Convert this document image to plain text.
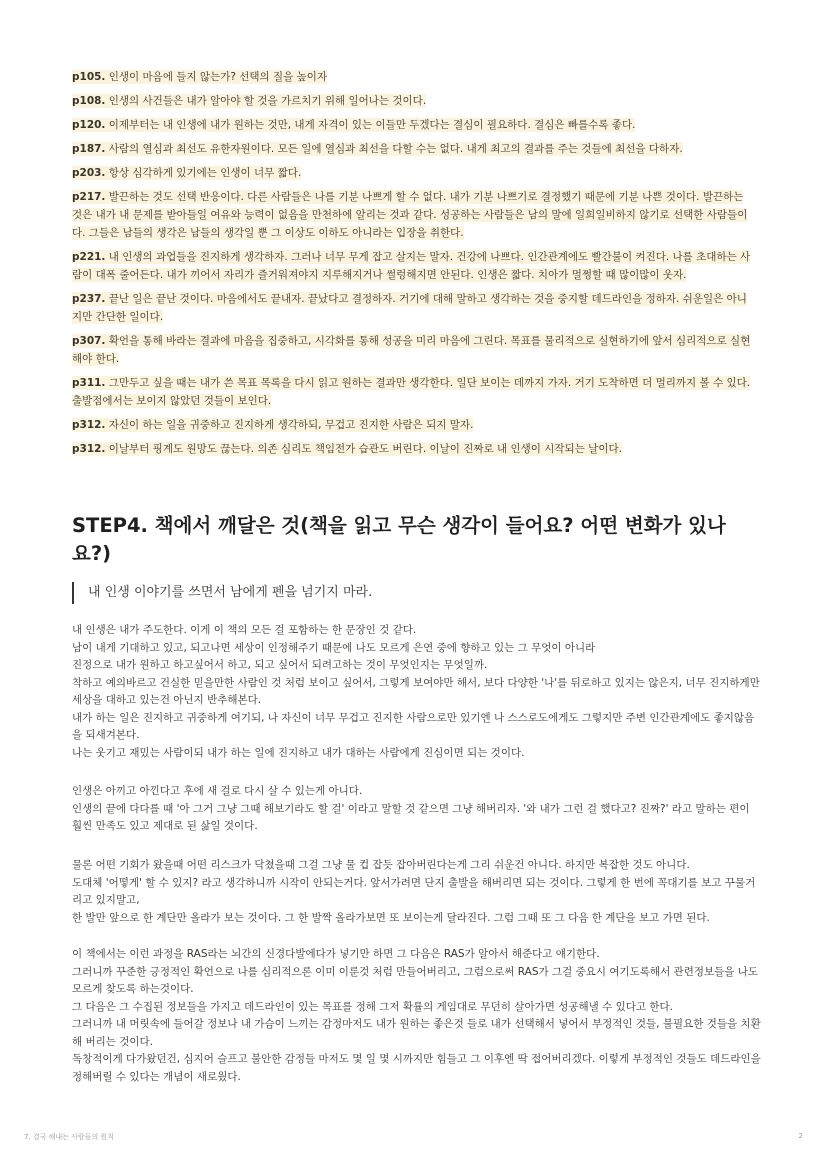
p105. 인생이 마음에 들지 않는가? 선택의 질을 높이자

p108. 인생의 사건들은 내가 알아야 할 것을 가르치기 위해 일어나는 것이다.

p120. 이제부터는 내 인생에 내가 원하는 것만, 내게 자격이 있는 이들만 두겠다는 결심이 필요하다. 결심은 빠를수록 좋다.

p187. 사람의 열심과 최선도 유한자원이다. 모든 일에 열심과 최선을 다할 수는 없다. 내게 최고의 결과를 주는 것들에 최선을 다하자.

p203. 항상 심각하게 있기에는 인생이 너무 짧다.

p217. 발끈하는 것도 선택 반응이다. 다른 사람들은 나를 기분 나쁘게 할 수 없다. 내가 기분 나쁘기로 결정했기 때문에 기분 나쁜 것이다. 발끈하는 것은 내가 내 문제를 받아들일 여유와 능력이 없음을 만천하에 알리는 것과 같다. 성공하는 사람들은 남의 말에 일희일비하지 않기로 선택한 사람들이다. 그들은 남들의 생각은 남들의 생각일 뿐 그 이상도 이하도 아니라는 입장을 취한다.

p221. 내 인생의 과업들을 진지하게 생각하자. 그러나 너무 무게 잡고 살지는 말자. 건강에 나쁘다. 인간관계에도 빨간불이 켜진다. 나를 초대하는 사람이 대폭 줄어든다. 내가 끼어서 자리가 즐거워져야지 지루해지거나 썰렁해지면 안된다. 인생은 짧다. 치아가 멀쩡할 때 많이많이 웃자.

p237. 끝난 일은 끝난 것이다. 마음에서도 끝내자. 끝났다고 결정하자. 거기에 대해 말하고 생각하는 것을 중지할 데드라인을 정하자. 쉬운일은 아니지만 간단한 일이다.

p307. 확언을 통해 바라는 결과에 마음을 집중하고, 시각화를 통해 성공을 미리 마음에 그린다. 목표를 물리적으로 실현하기에 앞서 심리적으로 실현해야 한다.

p311. 그만두고 싶을 때는 내가 쓴 목표 목록을 다시 읽고 원하는 결과만 생각한다. 일단 보이는 데까지 가자. 거기 도착하면 더 멀리까지 볼 수 있다. 출발점에서는 보이지 않았던 것들이 보인다.

p312. 자신이 하는 일을 귀중하고 진지하게 생각하되, 무겁고 진지한 사람은 되지 말자.

p312. 이날부터 핑계도 원망도 끊는다. 의존 심리도 책임전가 습관도 버린다. 이날이 진짜로 내 인생이 시작되는 날이다.

STEP4. 책에서 깨달은 것(책을 읽고 무슨 생각이 들어요? 어떤 변화가 있나요?)
내 인생 이야기를 쓰면서 남에게 펜을 넘기지 마라.

내 인생은 내가 주도한다. 이게 이 책의 모든 걸 포함하는 한 문장인 것 같다.

남이 내게 기대하고 있고, 되고나면 세상이 인정해주기 때문에 나도 모르게 은연 중에 향하고 있는 그 무엇이 아니라

진정으로 내가 원하고 하고싶어서 하고, 되고 싶어서 되려고하는 것이 무엇인지는 무엇일까.

착하고 예의바르고 건실한 믿을만한 사람인 것 처럼 보이고 싶어서, 그렇게 보여야만 해서, 보다 다양한 '나'를 뒤로하고 있지는 않은지, 너무 진지하게만 세상을 대하고 있는건 아닌지 반추해본다.

내가 하는 일은 진지하고 귀중하게 여기되, 나 자신이 너무 무겁고 진지한 사람으로만 있기엔 나 스스로도에게도 그렇지만 주변 인간관계에도 좋지않음을 되새겨본다.

나는 웃기고 재밌는 사람이되 내가 하는 일에 진지하고 내가 대하는 사람에게 진심이면 되는 것이다.

인생은 아끼고 아낀다고 후에 새 걸로 다시 살 수 있는게 아니다.

인생의 끝에 다다를 때 '아 그거 그냥 그때 해보기라도 할 걸' 이라고 말할 것 같으면 그냥 해버리자. '와 내가 그런 걸 했다고? 진짜?' 라고 말하는 편이 훨씬 만족도 있고 제대로 된 삶일 것이다.

물론 어떤 기회가 왔을때 어떤 리스크가 닥쳤을때 그걸 그냥 물 컵 잡듯 잡아버린다는게 그리 쉬운건 아니다. 하지만 복잡한 것도 아니다.

도대체 '어떻게' 할 수 있지? 라고 생각하니까 시작이 안되는거다. 앞서가려면 단지 출발을 해버리면 되는 것이다. 그렇게 한 번에 꼭대기를 보고 꾸물거리고 있지말고,

한 발만 앞으로 한 계단만 올라가 보는 것이다. 그 한 발짝 올라가보면 또 보이는게 달라진다. 그럼 그때 또 그 다음 한 계단을 보고 가면 된다.

이 책에서는 이런 과정을 RAS라는 뇌간의 신경다발에다가 넣기만 하면 그 다음은 RAS가 알아서 해준다고 얘기한다.

그러니까 꾸준한 긍정적인 확언으로 나를 심리적으론 이미 이룬것 처럼 만들어버리고, 그럼으로써 RAS가 그걸 중요시 여기도록해서 관련정보들을 나도 모르게 찾도록 하는것이다.

그 다음은 그 수집된 정보들을 가지고 데드라인이 있는 목표를 정해 그저 확률의 게임대로 무던히 살아가면 성공해낼 수 있다고 한다.

그러니까 내 머릿속에 들어갈 정보나 내 가슴이 느끼는 감정마저도 내가 원하는 좋은것 들로 내가 선택해서 넣어서 부정적인 것들, 불필요한 것들을 치환해 버리는 것이다.

독창적이게 다가왔던건, 심지어 슬프고 불안한 감정들 마저도 몇 일 몇 시까지만 힘들고 그 이후엔 딱 접어버리겠다. 이렇게 부정적인 것들도 데드라인을 정해버릴 수 있다는 개념이 새로웠다.

7. 결국 해내는 사람들의 원칙	2
